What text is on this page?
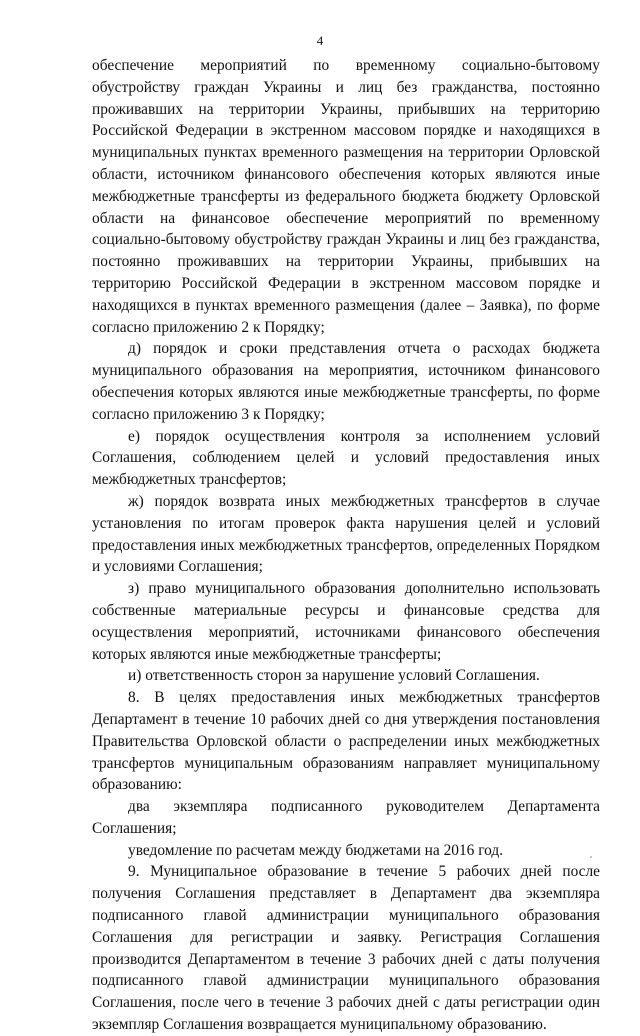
4

обеспечение мероприятий по временному социально-бытовому обустройству граждан Украины и лиц без гражданства, постоянно проживавших на территории Украины, прибывших на территорию Российской Федерации в экстренном массовом порядке и находящихся в муниципальных пунктах временного размещения на территории Орловской области, источником финансового обеспечения которых являются иные межбюджетные трансферты из федерального бюджета бюджету Орловской области на финансовое обеспечение мероприятий по временному социально-бытовому обустройству граждан Украины и лиц без гражданства, постоянно проживавших на территории Украины, прибывших на территорию Российской Федерации в экстренном массовом порядке и находящихся в пунктах временного размещения (далее – Заявка), по форме согласно приложению 2 к Порядку;

д) порядок и сроки представления отчета о расходах бюджета муниципального образования на мероприятия, источником финансового обеспечения которых являются иные межбюджетные трансферты, по форме согласно приложению 3 к Порядку;

е) порядок осуществления контроля за исполнением условий Соглашения, соблюдением целей и условий предоставления иных межбюджетных трансфертов;

ж) порядок возврата иных межбюджетных трансфертов в случае установления по итогам проверок факта нарушения целей и условий предоставления иных межбюджетных трансфертов, определенных Порядком и условиями Соглашения;

з) право муниципального образования дополнительно использовать собственные материальные ресурсы и финансовые средства для осуществления мероприятий, источниками финансового обеспечения которых являются иные межбюджетные трансферты;

и) ответственность сторон за нарушение условий Соглашения.

8. В целях предоставления иных межбюджетных трансфертов Департамент в течение 10 рабочих дней со дня утверждения постановления Правительства Орловской области о распределении иных межбюджетных трансфертов муниципальным образованиям направляет муниципальному образованию:

два экземпляра подписанного руководителем Департамента Соглашения;

уведомление по расчетам между бюджетами на 2016 год.

9. Муниципальное образование в течение 5 рабочих дней после получения Соглашения представляет в Департамент два экземпляра подписанного главой администрации муниципального образования Соглашения для регистрации и заявку. Регистрация Соглашения производится Департаментом в течение 3 рабочих дней с даты получения подписанного главой администрации муниципального образования Соглашения, после чего в течение 3 рабочих дней с даты регистрации один экземпляр Соглашения возвращается муниципальному образованию.
